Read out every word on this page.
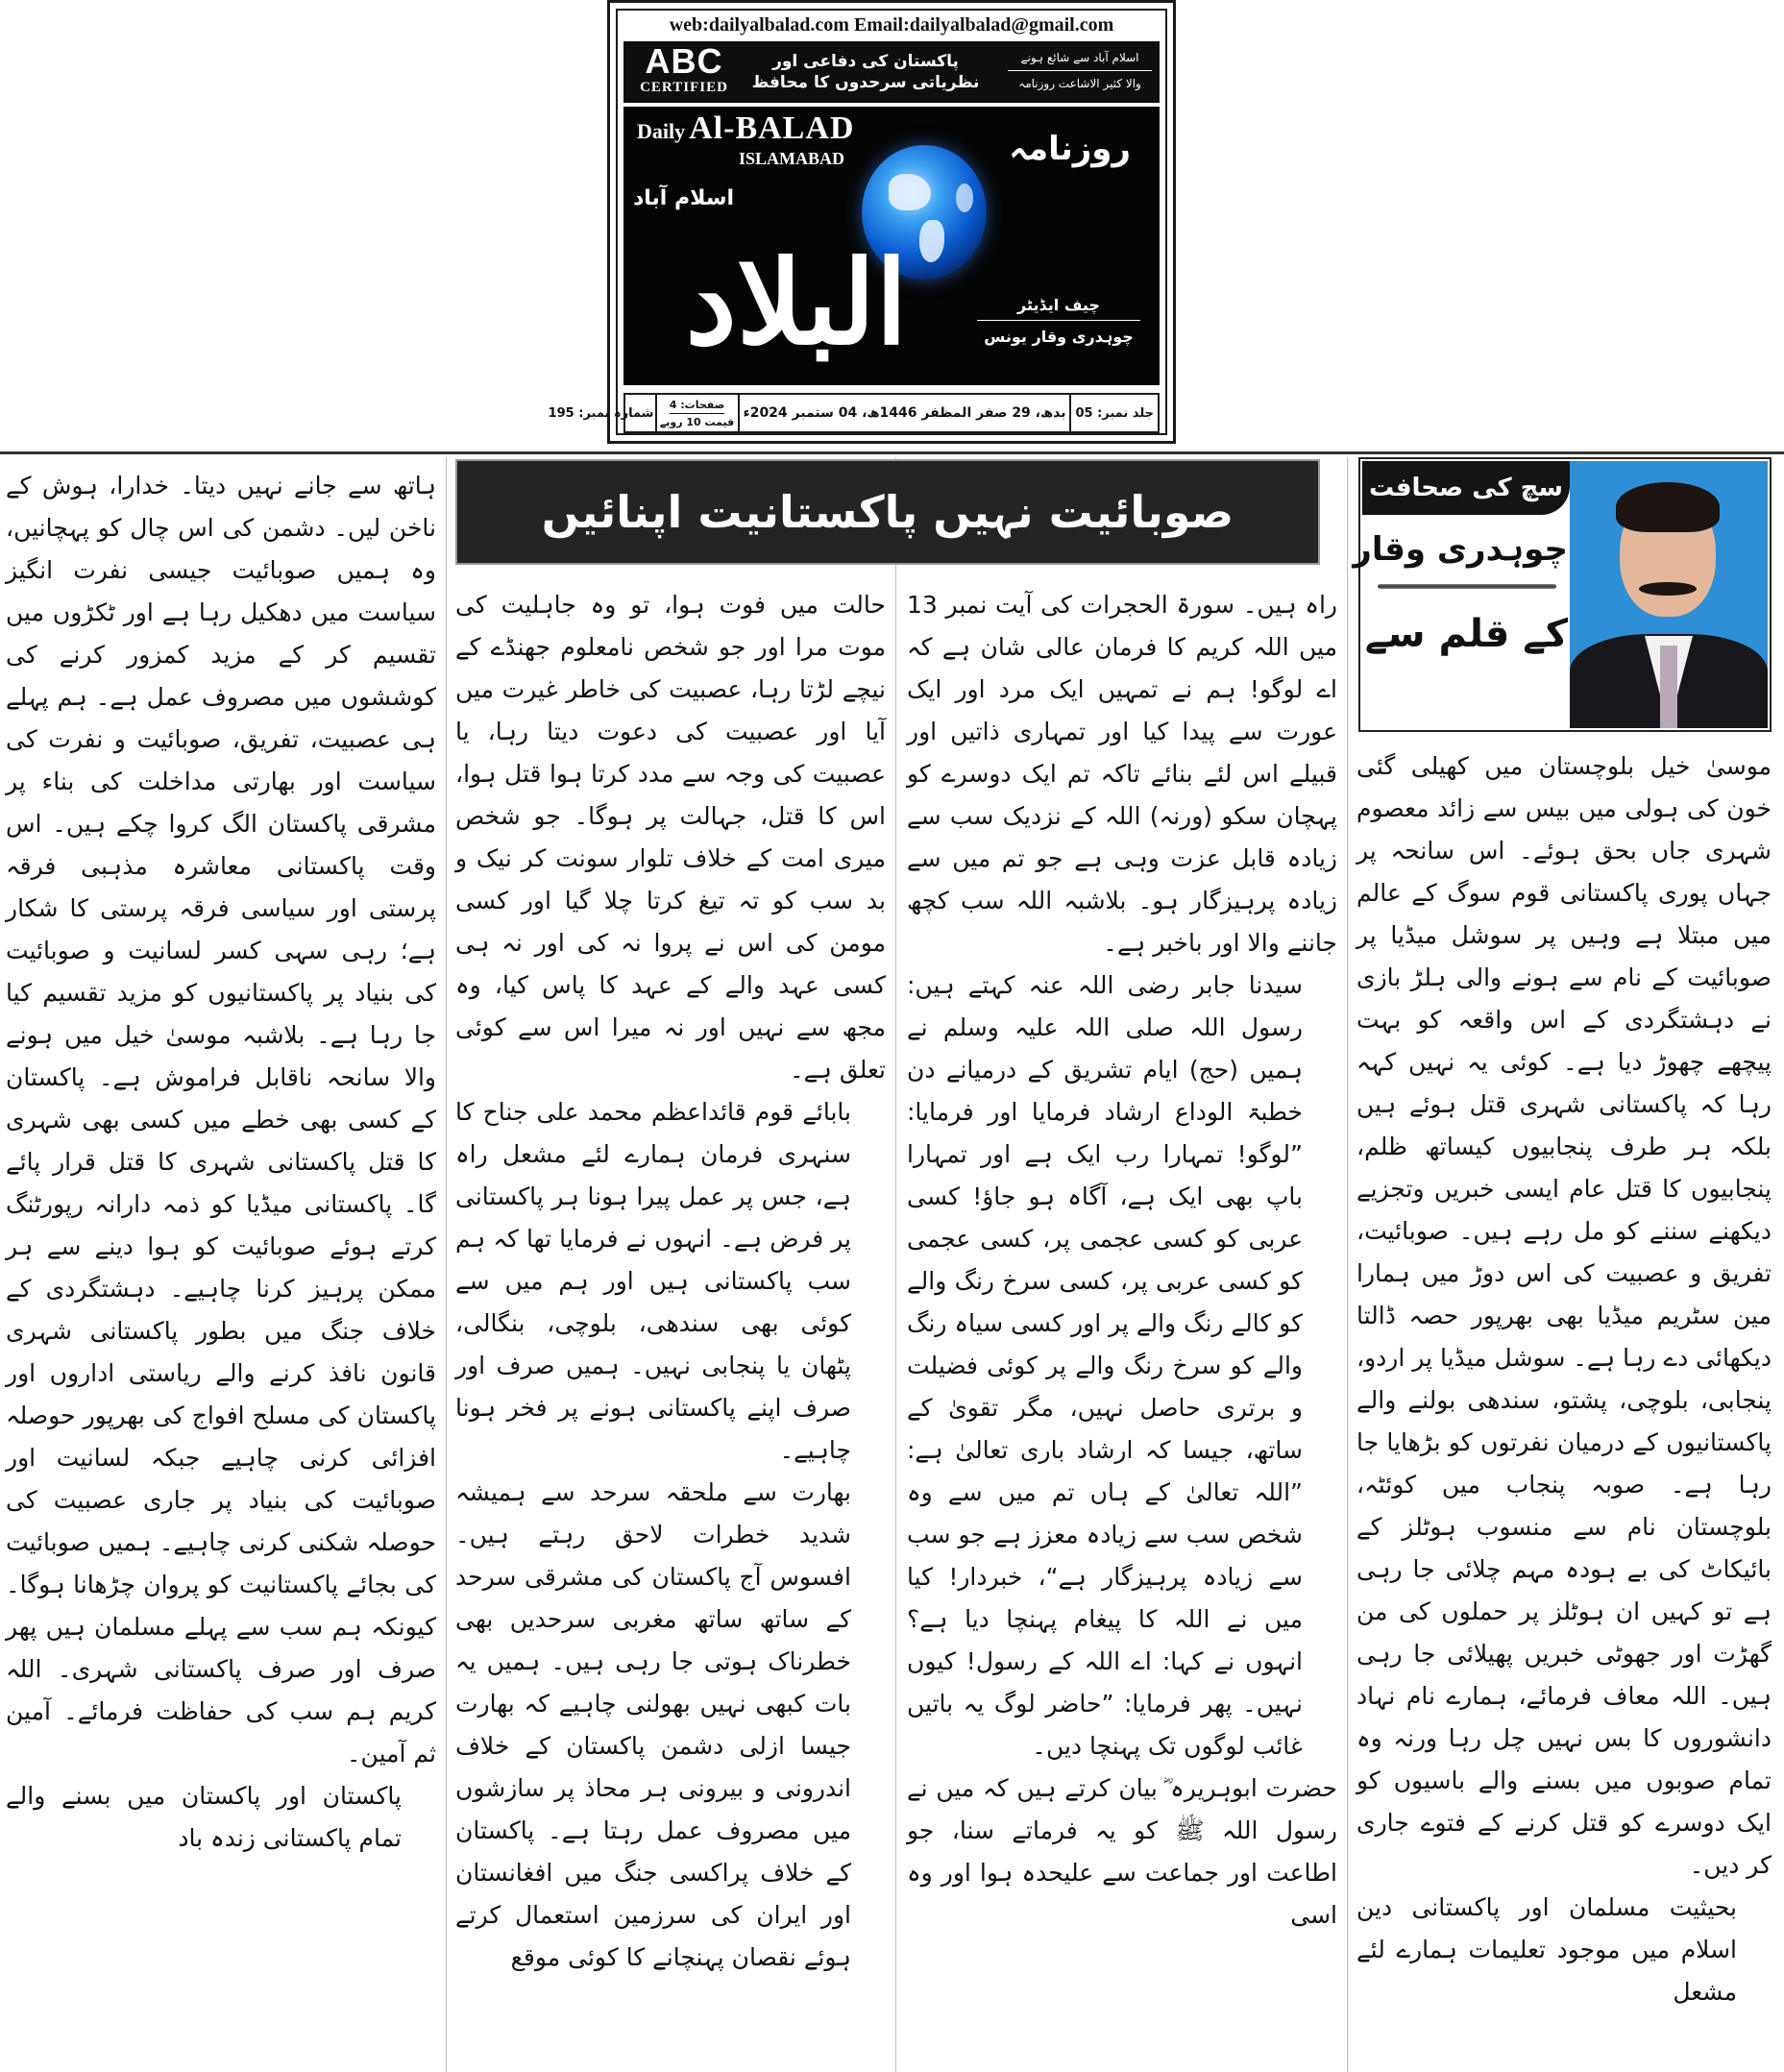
web:dailyalbalad.com Email:dailyalbalad@gmail.com
ABC
CERTIFIED
پاکستان کی دفاعی اور نظریاتی سرحدوں کا محافظ
اسلام آباد سے شائع ہونے
والا کثیر الاشاعت روزنامہ
Daily Al-BALAD
ISLAMABAD	روزنامہ
اسلام آباد
البلاد	چیف ایڈیٹر
چوہدری وقار یونس
جلد نمبر: 05
بدھ، 29 صفر المظفر 1446ھ، 04 ستمبر 2024ء
صفحات: 4
قیمت 10 روپے
شمارہ نمبر: 195
صوبائیت نہیں پاکستانیت اپنائیں	سچ کی صحافت
چوہدری وقار
کے قلم سے

موسیٰ خیل بلوچستان میں کھیلی گئی خون کی ہولی میں بیس سے زائد معصوم شہری جاں بحق ہوئے۔ اس سانحہ پر جہاں پوری پاکستانی قوم سوگ کے عالم میں مبتلا ہے وہیں پر سوشل میڈیا پر صوبائیت کے نام سے ہونے والی ہلڑ بازی نے دہشتگردی کے اس واقعہ کو بہت پیچھے چھوڑ دیا ہے۔ کوئی یہ نہیں کہہ رہا کہ پاکستانی شہری قتل ہوئے ہیں بلکہ ہر طرف پنجابیوں کیساتھ ظلم، پنجابیوں کا قتل عام ایسی خبریں وتجزیے دیکھنے سننے کو مل رہے ہیں۔ صوبائیت، تفریق و عصبیت کی اس دوڑ میں ہمارا مین سٹریم میڈیا بھی بھرپور حصہ ڈالتا دیکھائی دے رہا ہے۔ سوشل میڈیا پر اردو، پنجابی، بلوچی، پشتو، سندھی بولنے والے پاکستانیوں کے درمیان نفرتوں کو بڑھایا جا رہا ہے۔ صوبہ پنجاب میں کوئٹہ، بلوچستان نام سے منسوب ہوٹلز کے بائیکاٹ کی بے ہودہ مہم چلائی جا رہی ہے تو کہیں ان ہوٹلز پر حملوں کی من گھڑت اور جھوٹی خبریں پھیلائی جا رہی ہیں۔ اللہ معاف فرمائے، ہمارے نام نہاد دانشوروں کا بس نہیں چل رہا ورنہ وہ تمام صوبوں میں بسنے والے باسیوں کو ایک دوسرے کو قتل کرنے کے فتوے جاری کر دیں۔

بحیثیت مسلمان اور پاکستانی دین اسلام میں موجود تعلیمات ہمارے لئے مشعل

راہ ہیں۔ سورۃ الحجرات کی آیت نمبر 13 میں اللہ کریم کا فرمان عالی شان ہے کہ اے لوگو! ہم نے تمہیں ایک مرد اور ایک عورت سے پیدا کیا اور تمہاری ذاتیں اور قبیلے اس لئے بنائے تاکہ تم ایک دوسرے کو پہچان سکو (ورنہ) اللہ کے نزدیک سب سے زیادہ قابل عزت وہی ہے جو تم میں سے زیادہ پرہیزگار ہو۔ بلاشبہ اللہ سب کچھ جاننے والا اور باخبر ہے۔

سیدنا جابر رضی اللہ عنہ کہتے ہیں: رسول اللہ صلی اللہ علیہ وسلم نے ہمیں (حج) ایام تشریق کے درمیانے دن خطبۃ الوداع ارشاد فرمایا اور فرمایا: ”لوگو! تمہارا رب ایک ہے اور تمہارا باپ بھی ایک ہے، آگاہ ہو جاؤ! کسی عربی کو کسی عجمی پر، کسی عجمی کو کسی عربی پر، کسی سرخ رنگ والے کو کالے رنگ والے پر اور کسی سیاہ رنگ والے کو سرخ رنگ والے پر کوئی فضیلت و برتری حاصل نہیں، مگر تقویٰ کے ساتھ، جیسا کہ ارشاد باری تعالیٰ ہے: ”اللہ تعالیٰ کے ہاں تم میں سے وہ شخص سب سے زیادہ معزز ہے جو سب سے زیادہ پرہیزگار ہے“، خبردار! کیا میں نے اللہ کا پیغام پہنچا دیا ہے؟ انہوں نے کہا: اے اللہ کے رسول! کیوں نہیں۔ پھر فرمایا: ”حاضر لوگ یہ باتیں غائب لوگوں تک پہنچا دیں۔

حضرت ابوہریرہ ؓ بیان کرتے ہیں کہ میں نے رسول اللہ ﷺ کو یہ فرماتے سنا، جو اطاعت اور جماعت سے علیحدہ ہوا اور وہ اسی

حالت میں فوت ہوا، تو وہ جاہلیت کی موت مرا اور جو شخص نامعلوم جھنڈے کے نیچے لڑتا رہا، عصبیت کی خاطر غیرت میں آیا اور عصبیت کی دعوت دیتا رہا، یا عصبیت کی وجہ سے مدد کرتا ہوا قتل ہوا، اس کا قتل، جہالت پر ہوگا۔ جو شخص میری امت کے خلاف تلوار سونت کر نیک و بد سب کو تہ تیغ کرتا چلا گیا اور کسی مومن کی اس نے پروا نہ کی اور نہ ہی کسی عہد والے کے عہد کا پاس کیا، وہ مجھ سے نہیں اور نہ میرا اس سے کوئی تعلق ہے۔

بابائے قوم قائداعظم محمد علی جناح کا سنہری فرمان ہمارے لئے مشعل راہ ہے، جس پر عمل پیرا ہونا ہر پاکستانی پر فرض ہے۔ انہوں نے فرمایا تھا کہ ہم سب پاکستانی ہیں اور ہم میں سے کوئی بھی سندھی، بلوچی، بنگالی، پٹھان یا پنجابی نہیں۔ ہمیں صرف اور صرف اپنے پاکستانی ہونے پر فخر ہونا چاہیے۔

بھارت سے ملحقہ سرحد سے ہمیشہ شدید خطرات لاحق رہتے ہیں۔ افسوس آج پاکستان کی مشرقی سرحد کے ساتھ ساتھ مغربی سرحدیں بھی خطرناک ہوتی جا رہی ہیں۔ ہمیں یہ بات کبھی نہیں بھولنی چاہیے کہ بھارت جیسا ازلی دشمن پاکستان کے خلاف اندرونی و بیرونی ہر محاذ پر سازشوں میں مصروف عمل رہتا ہے۔ پاکستان کے خلاف پراکسی جنگ میں افغانستان اور ایران کی سرزمین استعمال کرتے ہوئے نقصان پہنچانے کا کوئی موقع

ہاتھ سے جانے نہیں دیتا۔ خدارا، ہوش کے ناخن لیں۔ دشمن کی اس چال کو پہچانیں، وہ ہمیں صوبائیت جیسی نفرت انگیز سیاست میں دھکیل رہا ہے اور ٹکڑوں میں تقسیم کر کے مزید کمزور کرنے کی کوششوں میں مصروف عمل ہے۔ ہم پہلے ہی عصبیت، تفریق، صوبائیت و نفرت کی سیاست اور بھارتی مداخلت کی بناء پر مشرقی پاکستان الگ کروا چکے ہیں۔ اس وقت پاکستانی معاشرہ مذہبی فرقہ پرستی اور سیاسی فرقہ پرستی کا شکار ہے؛ رہی سہی کسر لسانیت و صوبائیت کی بنیاد پر پاکستانیوں کو مزید تقسیم کیا جا رہا ہے۔ بلاشبہ موسیٰ خیل میں ہونے والا سانحہ ناقابل فراموش ہے۔ پاکستان کے کسی بھی خطے میں کسی بھی شہری کا قتل پاکستانی شہری کا قتل قرار پائے گا۔ پاکستانی میڈیا کو ذمہ دارانہ رپورٹنگ کرتے ہوئے صوبائیت کو ہوا دینے سے ہر ممکن پرہیز کرنا چاہیے۔ دہشتگردی کے خلاف جنگ میں بطور پاکستانی شہری قانون نافذ کرنے والے ریاستی اداروں اور پاکستان کی مسلح افواج کی بھرپور حوصلہ افزائی کرنی چاہیے جبکہ لسانیت اور صوبائیت کی بنیاد پر جاری عصبیت کی حوصلہ شکنی کرنی چاہیے۔ ہمیں صوبائیت کی بجائے پاکستانیت کو پروان چڑھانا ہوگا۔ کیونکہ ہم سب سے پہلے مسلمان ہیں پھر صرف اور صرف پاکستانی شہری۔ اللہ کریم ہم سب کی حفاظت فرمائے۔ آمین ثم آمین۔

پاکستان اور پاکستان میں بسنے والے تمام پاکستانی زندہ باد
